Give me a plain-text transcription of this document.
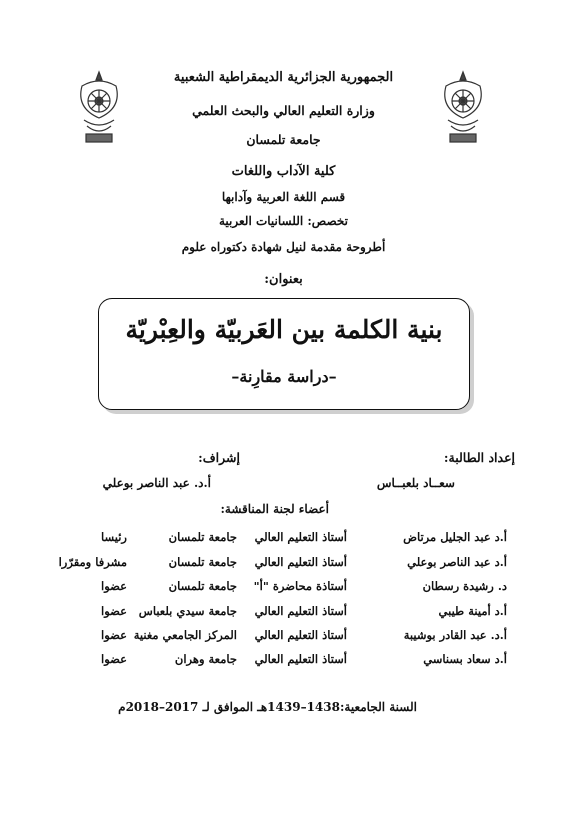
الجمهورية الجزائرية الديمقراطية الشعبية
وزارة التعليم العالي والبحث العلمي
جامعة تلمسان
كلية الآداب واللغات
قسم اللغة العربية وآدابها
تخصص: اللسانيات العربية
أطروحة مقدمة لنيل شهادة دكتوراه علوم
بعنوان:
بنية الكلمة بين العَربيّة والعِبْريّة
–دراسة مقارِنة–
إعداد الطالبة:
سعــاد بلعبــاس
إشراف:
أ.د. عبد الناصر بوعلي
أعضاء لجنة المناقشة:
أ.د عبد الجليل مرتاض
أستاذ التعليم العالي
جامعة تلمسان
رئيسا
أ.د عبد الناصر بوعلي
أستاذ التعليم العالي
جامعة تلمسان
مشرفا ومقرّرا
د. رشيدة رسطان
أستاذة محاضرة "أ"
جامعة تلمسان
عضوا
أ.د أمينة طيبي
أستاذ التعليم العالي
جامعة سيدي بلعباس
عضوا
أ.د. عبد القادر بوشيبة
أستاذ التعليم العالي
المركز الجامعي مغنية
عضوا
أ.د سعاد بسناسي
أستاذ التعليم العالي
جامعة وهران
عضوا
السنة الجامعية:1438–1439هـ الموافق لـ 2017–2018م
